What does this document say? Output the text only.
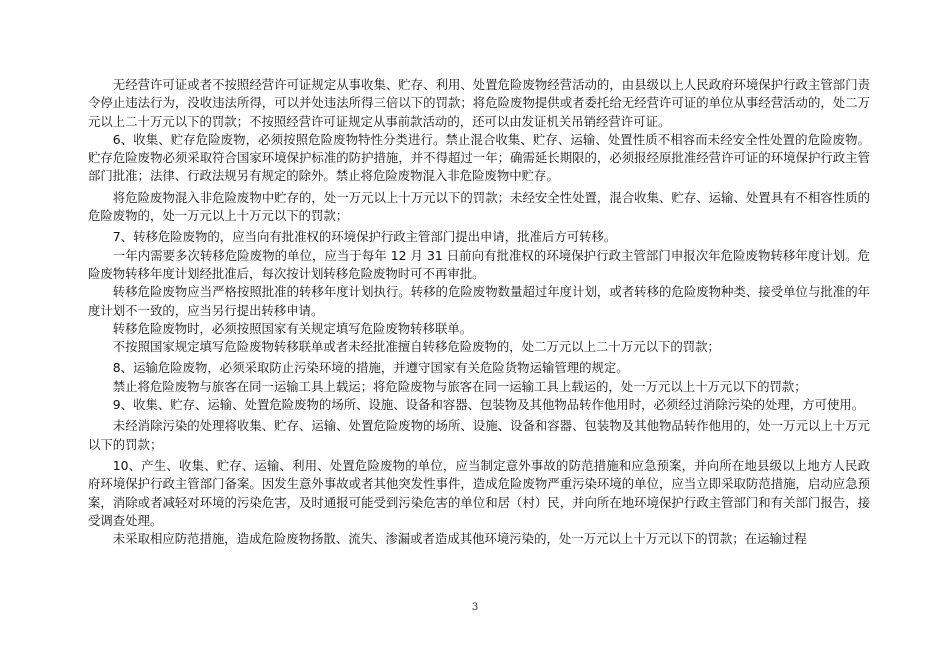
无经营许可证或者不按照经营许可证规定从事收集、贮存、利用、处置危险废物经营活动的，由县级以上人民政府环境保护行政主管部门责令停止违法行为，没收违法所得，可以并处违法所得三倍以下的罚款；将危险废物提供或者委托给无经营许可证的单位从事经营活动的，处二万元以上二十万元以下的罚款；不按照经营许可证规定从事前款活动的，还可以由发证机关吊销经营许可证。

6、收集、贮存危险废物，必须按照危险废物特性分类进行。禁止混合收集、贮存、运输、处置性质不相容而未经安全性处置的危险废物。贮存危险废物必须采取符合国家环境保护标准的防护措施，并不得超过一年；确需延长期限的，必须报经原批准经营许可证的环境保护行政主管部门批准；法律、行政法规另有规定的除外。禁止将危险废物混入非危险废物中贮存。

将危险废物混入非危险废物中贮存的，处一万元以上十万元以下的罚款；未经安全性处置，混合收集、贮存、运输、处置具有不相容性质的危险废物的，处一万元以上十万元以下的罚款；

7、转移危险废物的，应当向有批准权的环境保护行政主管部门提出申请，批准后方可转移。

一年内需要多次转移危险废物的单位，应当于每年 12 月 31 日前向有批准权的环境保护行政主管部门申报次年危险废物转移年度计划。危险废物转移年度计划经批准后，每次按计划转移危险废物时可不再审批。

转移危险废物应当严格按照批准的转移年度计划执行。转移的危险废物数量超过年度计划，或者转移的危险废物种类、接受单位与批准的年度计划不一致的，应当另行提出转移申请。

转移危险废物时，必须按照国家有关规定填写危险废物转移联单。

不按照国家规定填写危险废物转移联单或者未经批准擅自转移危险废物的，处二万元以上二十万元以下的罚款；

8、运输危险废物，必须采取防止污染环境的措施，并遵守国家有关危险货物运输管理的规定。

禁止将危险废物与旅客在同一运输工具上载运；将危险废物与旅客在同一运输工具上载运的，处一万元以上十万元以下的罚款；

9、收集、贮存、运输、处置危险废物的场所、设施、设备和容器、包装物及其他物品转作他用时，必须经过消除污染的处理，方可使用。

未经消除污染的处理将收集、贮存、运输、处置危险废物的场所、设施、设备和容器、包装物及其他物品转作他用的，处一万元以上十万元以下的罚款；

10、产生、收集、贮存、运输、利用、处置危险废物的单位，应当制定意外事故的防范措施和应急预案，并向所在地县级以上地方人民政府环境保护行政主管部门备案。因发生意外事故或者其他突发性事件，造成危险废物严重污染环境的单位，应当立即采取防范措施，启动应急预案，消除或者减轻对环境的污染危害，及时通报可能受到污染危害的单位和居（村）民，并向所在地环境保护行政主管部门和有关部门报告，接受调查处理。

未采取相应防范措施，造成危险废物扬散、流失、渗漏或者造成其他环境污染的，处一万元以上十万元以下的罚款；在运输过程

3
